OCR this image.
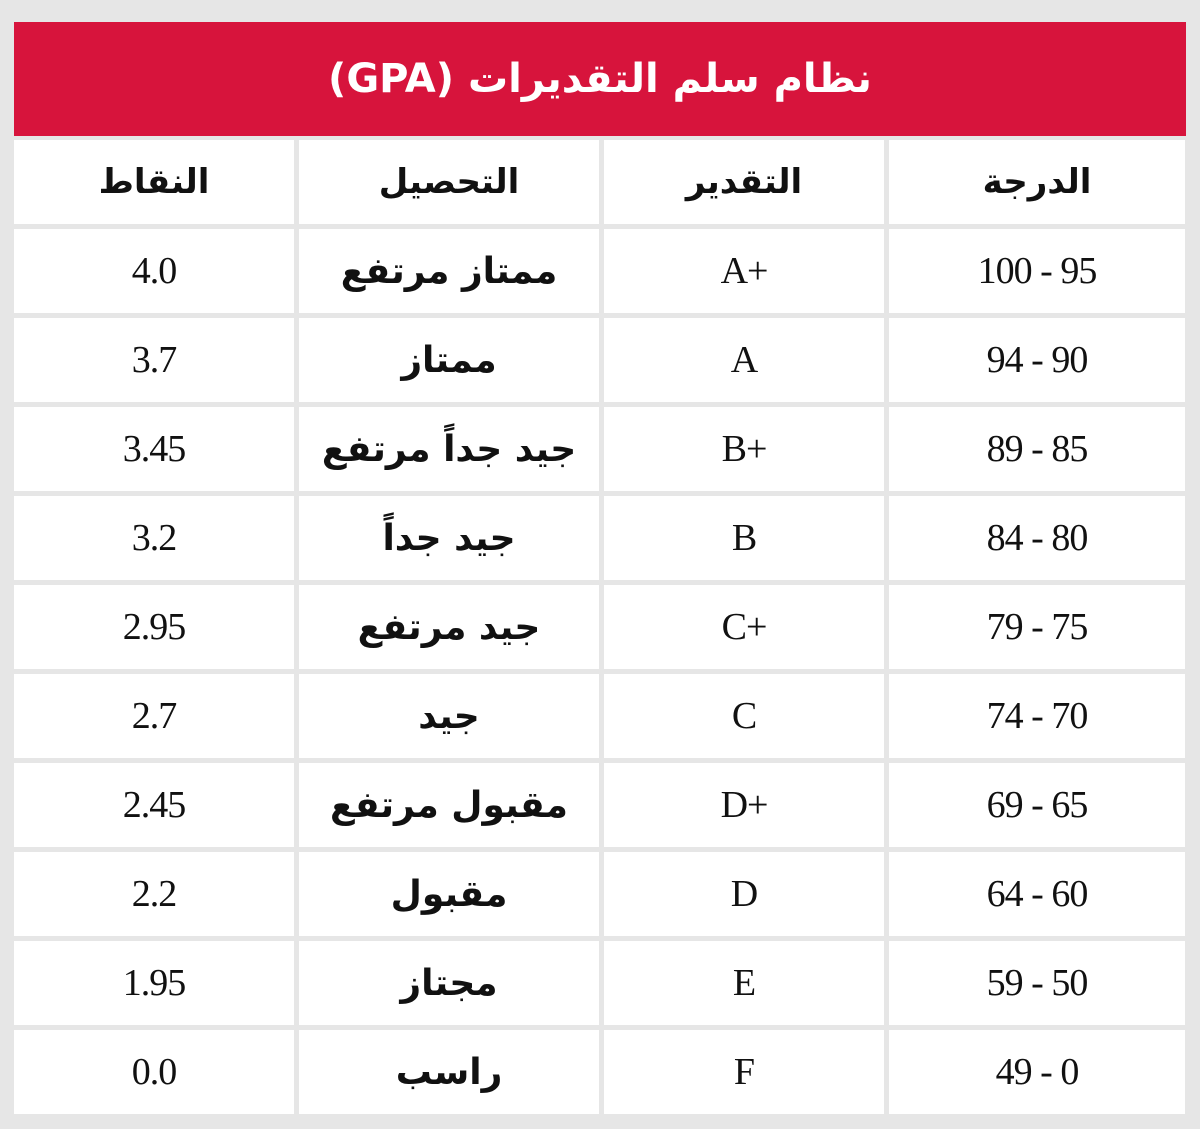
نظام سلم التقديرات (GPA)
النقاط	التحصيل	التقدير	الدرجة
4.0	ممتاز مرتفع	A+	100 - 95
3.7	ممتاز	A	94 - 90
3.45	جيد جداً مرتفع	B+	89 - 85
3.2	جيد جداً	B	84 - 80
2.95	جيد مرتفع	C+	79 - 75
2.7	جيد	C	74 - 70
2.45	مقبول مرتفع	D+	69 - 65
2.2	مقبول	D	64 - 60
1.95	مجتاز	E	59 - 50
0.0	راسب	F	49 - 0
